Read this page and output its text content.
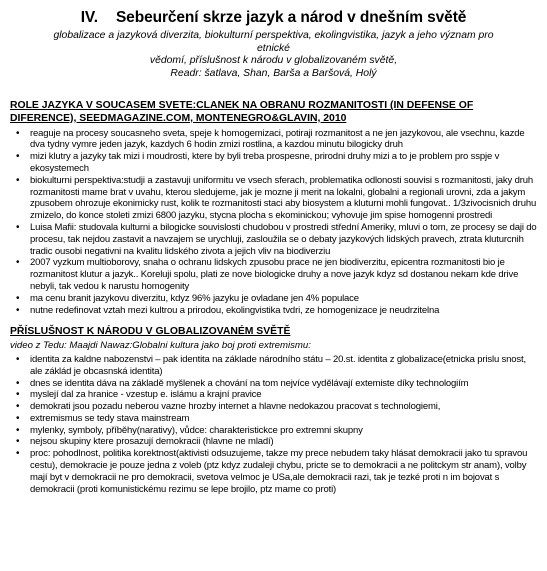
IV. Sebeurčení skrze jazyk a národ v dnešním světě
globalizace a jazyková diverzita, biokulturní perspektiva, ekolingvistika, jazyk a jeho význam pro etnické
vědomí, příslušnost k národu v globalizovaném světě,
Readr: šatlava, Shan, Barša a Baršová, Holý
ROLE JAZYKA V SOUCASEM SVETE:CLANEK NA OBRANU ROZMANITOSTI (IN DEFENSE OF DIFERENCE), SEEDMAGAZINE.COM, MONTENEGRO&GLAVIN, 2010
• reaguje na procesy soucasneho sveta, speje k homogemizaci, potiraji rozmanitost a ne jen jazykovou, ale vsechnu, kazde dva tydny vymre jeden jazyk, kazdych 6 hodin zmizi rostlina, a kazdou minutu bilogicky druh
• mizi klutry a jazyky tak mizi i moudrosti, ktere by byli treba prospesne, prirodni druhy mizi a to je problem pro sspje v ekosystemech
• biokulturni perspektiva:studji a zastavuji uniformitu ve vsech sferach, problematika odlonosti souvisi s rozmanitosti, jaky druh rozmanitosti mame brat v uvahu, kterou sledujeme, jak je mozne ji merit na lokalni, globalni a regionali urovni, zda a jakym zpusobem ohrozuje ekonimicky rust, kolik te rozmanitosti staci aby biosystem a kluturni mohli fungovat.. 1/3zivocisnich druhu zmizelo, do konce stoleti zmizi 6800 jazyku, stycna plocha s ekominickou; vyhovuje jim spise homogenni prostredi
• Luisa Mafii: studovala kulturni a bilogicke souvislosti chudobou v prostredi střední Ameriky, mluvi o tom, ze procesy se daji do procesu, tak nejdou zastavit a navzajem se urychluji, zasloužila se o debaty jazykových lidských pravech, ztrata kluturcnih tradic ousobi negativni na kvalitu lidského zivota a jejich vliv na biodiverziu
• 2007 vyzkum multioborovy, snaha o ochranu lidskych zpusobu prace ne jen biodiverzitu, epicentra rozmanitosti bio je rozmanitost klutur a jazyk.. Koreluji spolu, plati ze nove biologicke druhy a nove jazyk kdyz sd dostanou nekam kde drive nebyli, tak vedou k narustu homogenity
• ma cenu branit jazykovu diverzitu, kdyz 96% jazyku je ovladane jen 4% populace
• nutne redefinovat vztah mezi kultrou a prirodou, ekolingvistika tvdri, ze homogenizace je neudrzitelna
PŘÍSLUŠNOST K NÁRODU V GLOBALIZOVANÉM SVĚTĚ
video z Tedu: Maajdi Nawaz:Globalni kultura jako boj proti extremismu:
• identita za kaldne nabozenstvi – pak identita na základe národního státu – 20.st. identita z globalizace(etnicka prislu snost, ale záklád je obcasnská identita)
• dnes se identita dáva na základě myšlenek a chování na tom nejvíce vydělávají extemiste díky technologiím
• myslejí dal za hranice - vzestup e. islámu a krajní pravice
• demokrati jsou pozadu neberou vazne hrozby internet a hlavne nedokazou pracovat s technologiemi,
• extremismus se tedy stava mainstream
• mylenky, symboly, příběhy(narativy), vůdce: charakteristickce pro extremni skupny
• nejsou skupiny ktere prosazují demokracii (hlavne ne mladí)
• proc: pohodlnost, politika korektnost(aktivisti odsuzujeme, takze my prece nebudem taky hlásat demokracii jako tu spravou cestu), demokracie je pouze jedna z voleb (ptz kdyz zudaleji chybu, pricte se to demokracii a ne politckym str anam), volby mají byt v demokracii ne pro demokracii, svetova velmoc je USa,ale demokracii razi, tak je tezké proti n im bojovat s demokracii (proti komunistickému rezimu se lepe brojilo, ptz mame co proti)
